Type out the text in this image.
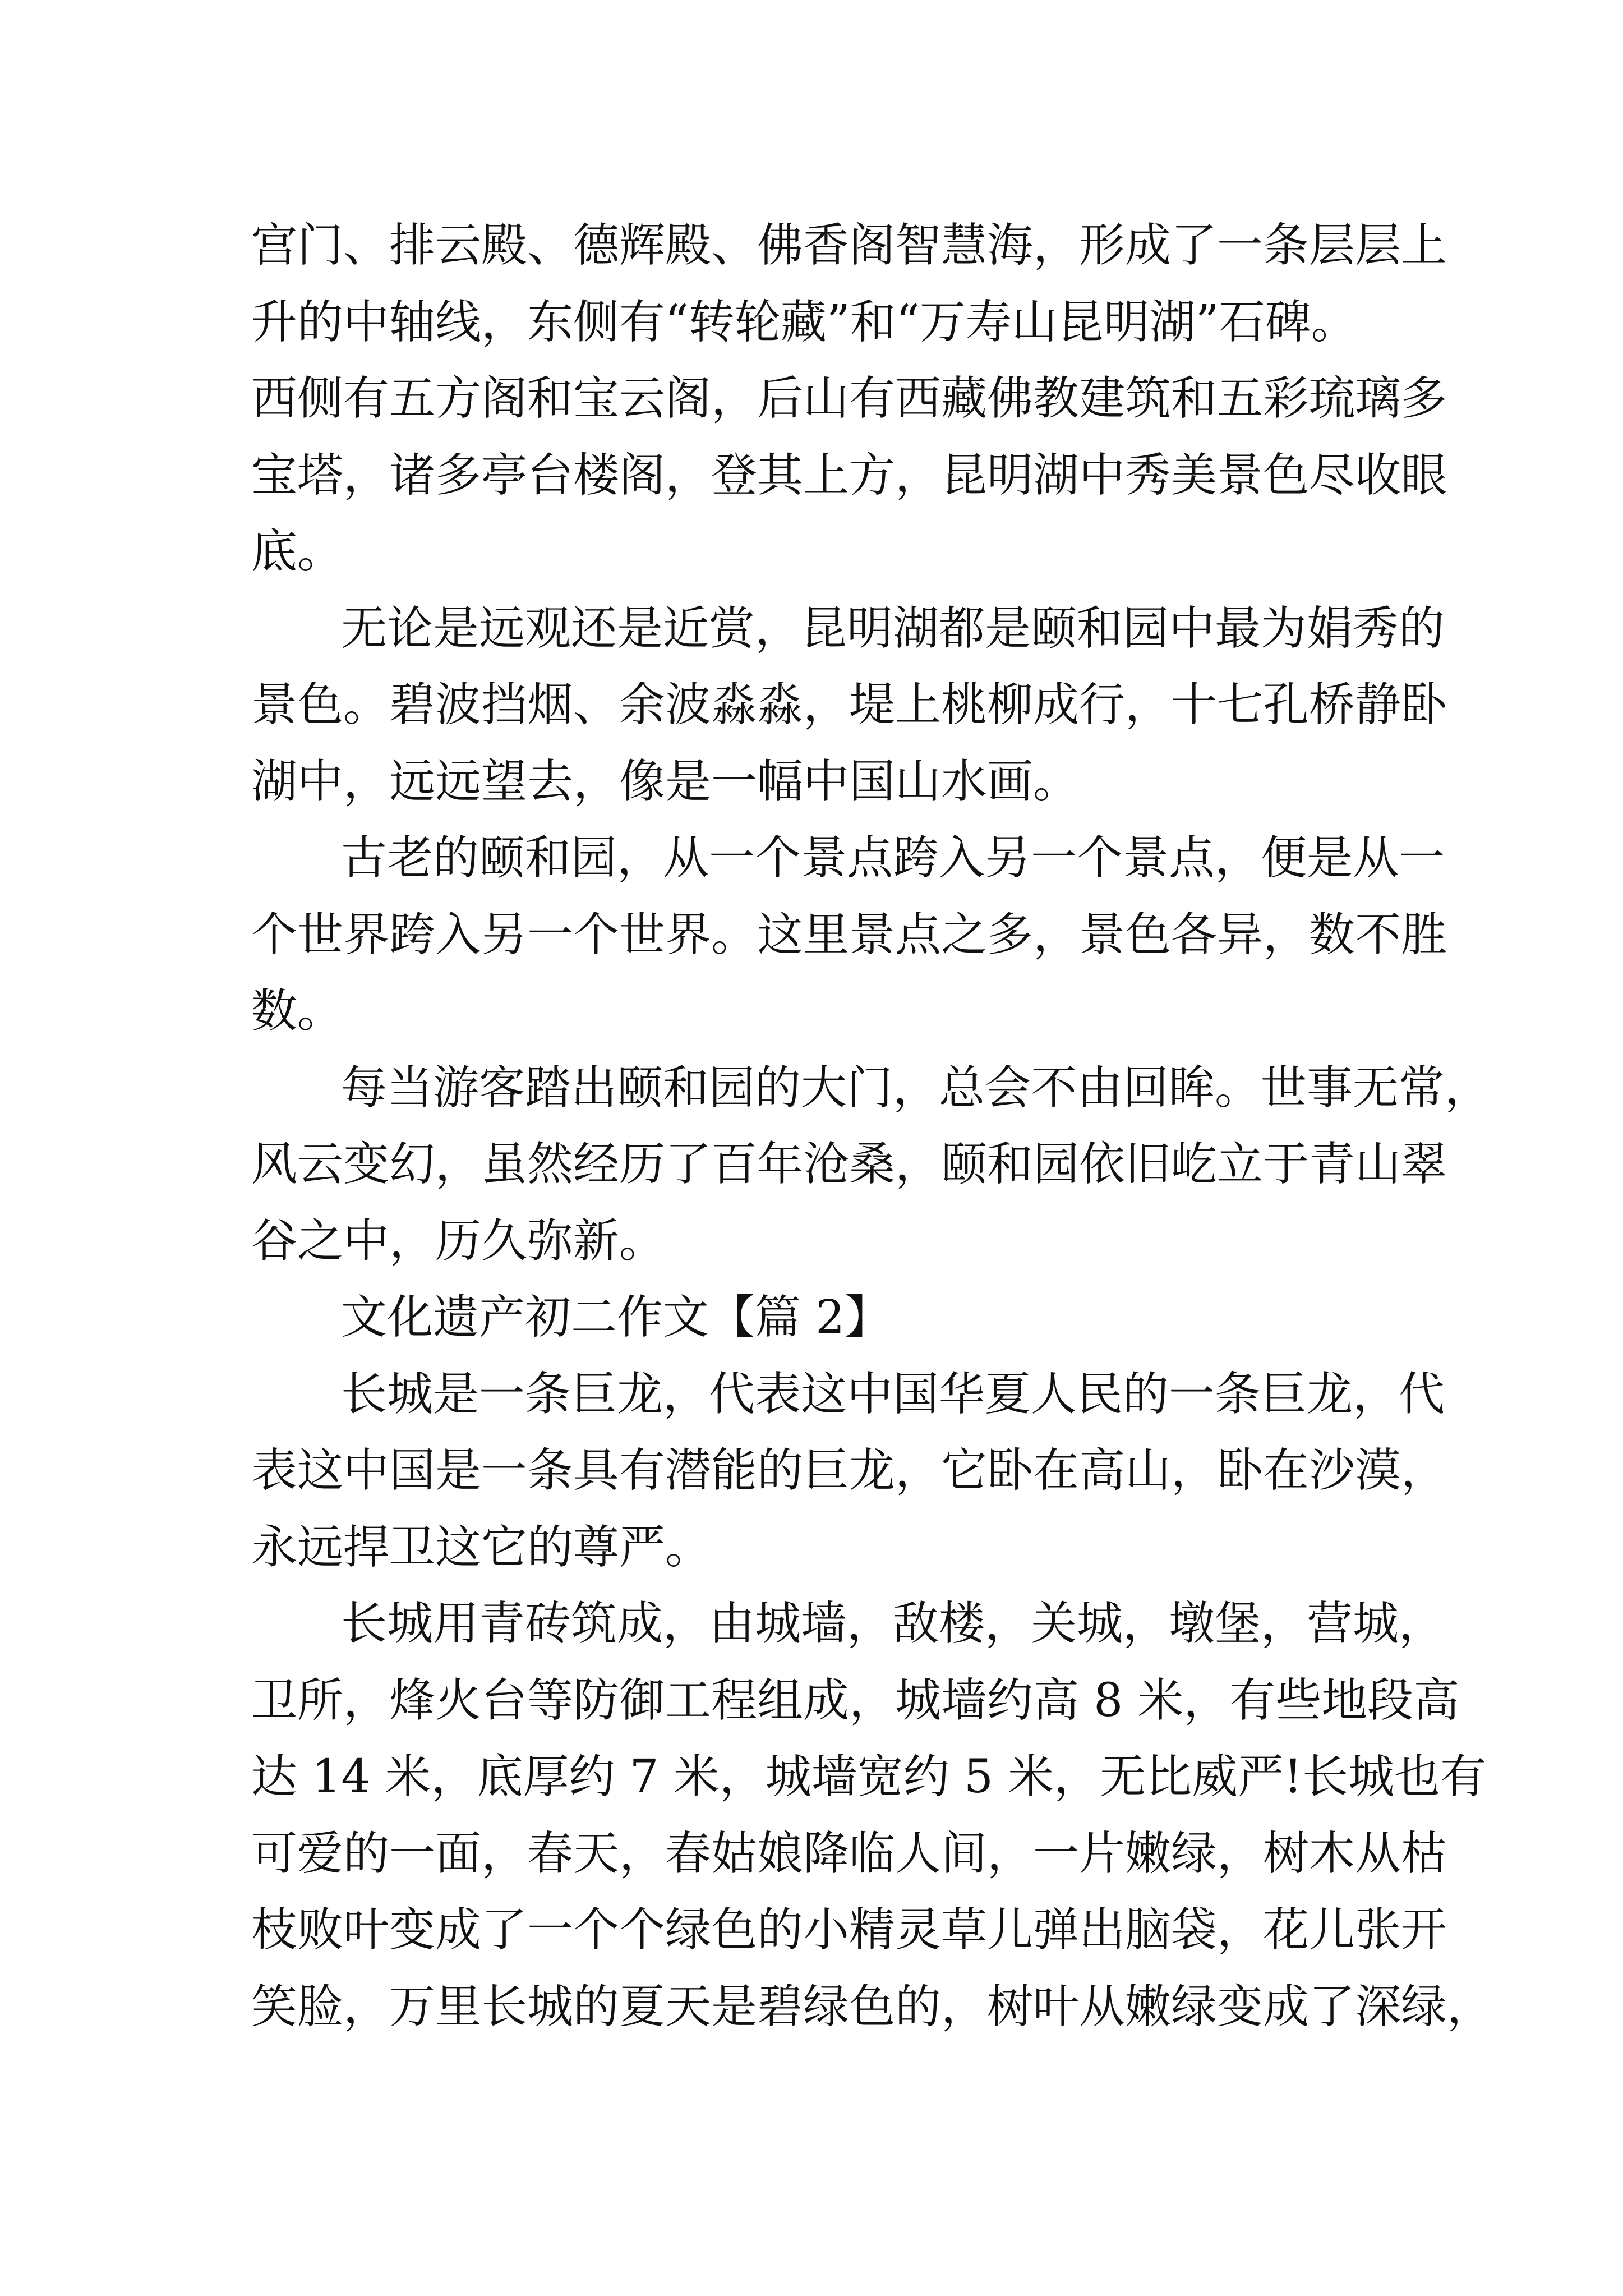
宫门、排云殿、德辉殿、佛香阁智慧海，形成了一条层层上
升的中轴线，东侧有“转轮藏”和“万寿山昆明湖”石碑。
西侧有五方阁和宝云阁，后山有西藏佛教建筑和五彩琉璃多
宝塔，诸多亭台楼阁，登其上方，昆明湖中秀美景色尽收眼
底。
无论是远观还是近赏，昆明湖都是颐和园中最为娟秀的
景色。碧波挡烟、余波淼淼，堤上桃柳成行，十七孔桥静卧
湖中，远远望去，像是一幅中国山水画。
古老的颐和园，从一个景点跨入另一个景点，便是从一
个世界跨入另一个世界。这里景点之多，景色各异，数不胜
数。
每当游客踏出颐和园的大门，总会不由回眸。世事无常，
风云变幻，虽然经历了百年沧桑，颐和园依旧屹立于青山翠
谷之中，历久弥新。
文化遗产初二作文【篇 2】
长城是一条巨龙，代表这中国华夏人民的一条巨龙，代
表这中国是一条具有潜能的巨龙，它卧在高山，卧在沙漠，
永远捍卫这它的尊严。
长城用青砖筑成，由城墙，敌楼，关城，墩堡，营城，
卫所，烽火台等防御工程组成，城墙约高 8 米，有些地段高
达 14 米，底厚约 7 米，城墙宽约 5 米，无比威严!长城也有
可爱的一面，春天，春姑娘降临人间，一片嫩绿，树木从枯
枝败叶变成了一个个绿色的小精灵草儿弹出脑袋，花儿张开
笑脸，万里长城的夏天是碧绿色的，树叶从嫩绿变成了深绿，
